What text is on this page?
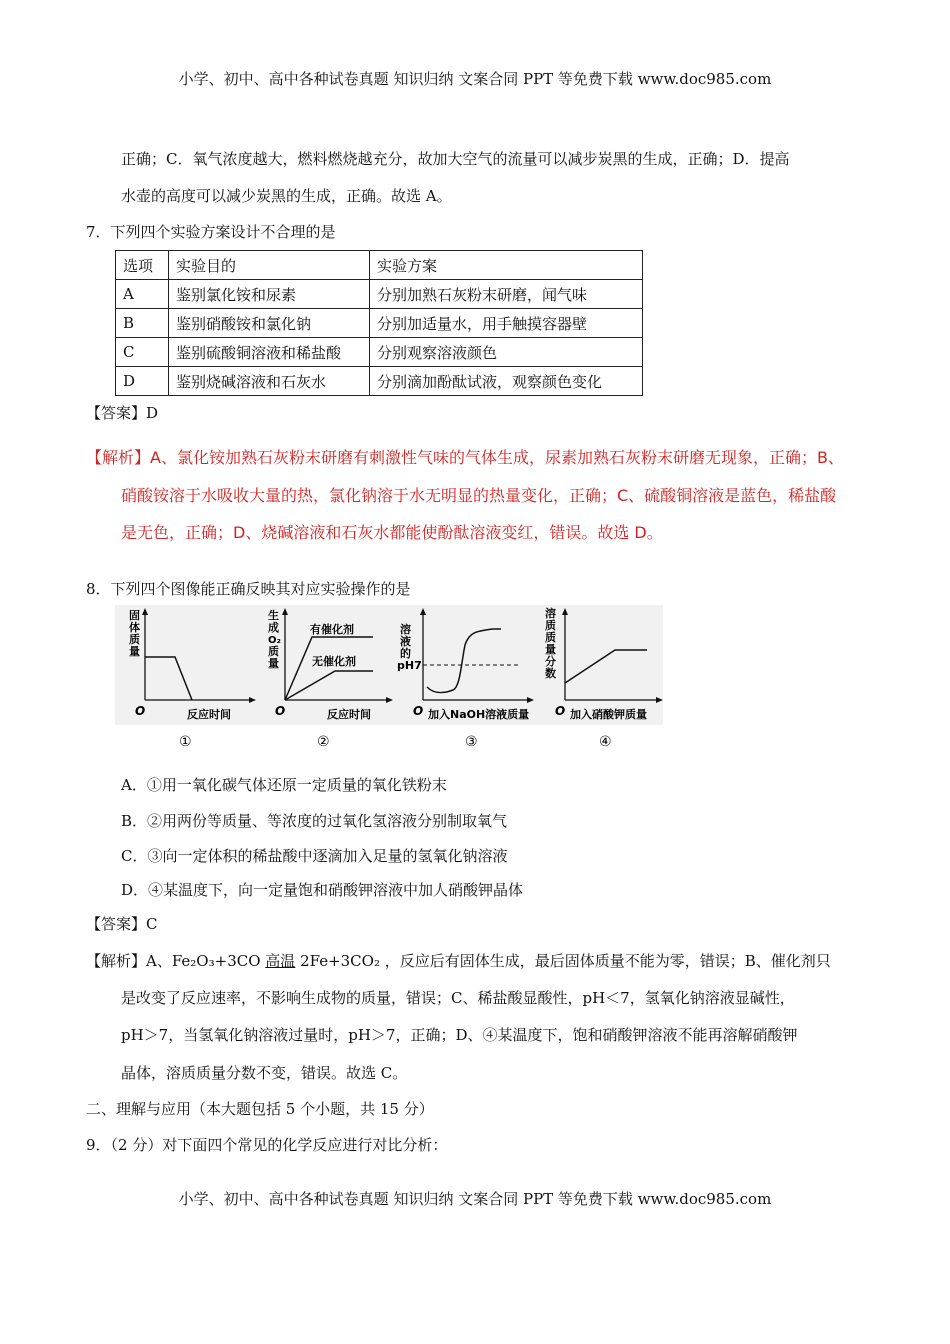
小学、初中、高中各种试卷真题 知识归纳 文案合同 PPT 等免费下载 www.doc985.com
正确；C．氧气浓度越大，燃料燃烧越充分，故加大空气的流量可以减步炭黑的生成，正确；D．提高
水壶的高度可以减少炭黑的生成，正确。故选 A。
7．下列四个实验方案设计不合理的是
选项	实验目的	实验方案
A	鉴别氯化铵和尿素	分别加熟石灰粉末研磨，闻气味
B	鉴别硝酸铵和氯化钠	分别加适量水，用手触摸容器壁
C	鉴别硫酸铜溶液和稀盐酸	分别观察溶液颜色
D	鉴别烧碱溶液和石灰水	分别滴加酚酞试液，观察颜色变化
【答案】D
【解析】A、氯化铵加熟石灰粉末研磨有刺激性气味的气体生成，尿素加熟石灰粉末研磨无现象，正确；B、
硝酸铵溶于水吸收大量的热，氯化钠溶于水无明显的热量变化，正确；C、硫酸铜溶液是蓝色，稀盐酸
是无色，正确；D、烧碱溶液和石灰水都能使酚酞溶液变红，错误。故选 D。
8．下列四个图像能正确反映其对应实验操作的是
固
体
质
量
O	反应时间
①
生
成
O₂
质
量
有催化剂
无催化剂
O	反应时间
②
溶
液
的
pH7
O 加入NaOH溶液质量
③
溶
质
质
量
分
数
O 加入硝酸钾质量
④
A．①用一氧化碳气体还原一定质量的氧化铁粉末
B．②用两份等质量、等浓度的过氧化氢溶液分别制取氧气
C．③向一定体积的稀盐酸中逐滴加入足量的氢氧化钠溶液
D．④某温度下，向一定量饱和硝酸钾溶液中加人硝酸钾晶体
【答案】C
【解析】A、Fe₂O₃+3CO 高温 2Fe+3CO₂ ，反应后有固体生成，最后固体质量不能为零，错误；B、催化剂只
是改变了反应速率，不影响生成物的质量，错误；C、稀盐酸显酸性，pH＜7，氢氧化钠溶液显碱性，
pH＞7，当氢氧化钠溶液过量时，pH＞7，正确；D、④某温度下，饱和硝酸钾溶液不能再溶解硝酸钾
晶体，溶质质量分数不变，错误。故选 C。
二、理解与应用（本大题包括 5 个小题，共 15 分）
9．（2 分）对下面四个常见的化学反应进行对比分析：
小学、初中、高中各种试卷真题 知识归纳 文案合同 PPT 等免费下载 www.doc985.com
